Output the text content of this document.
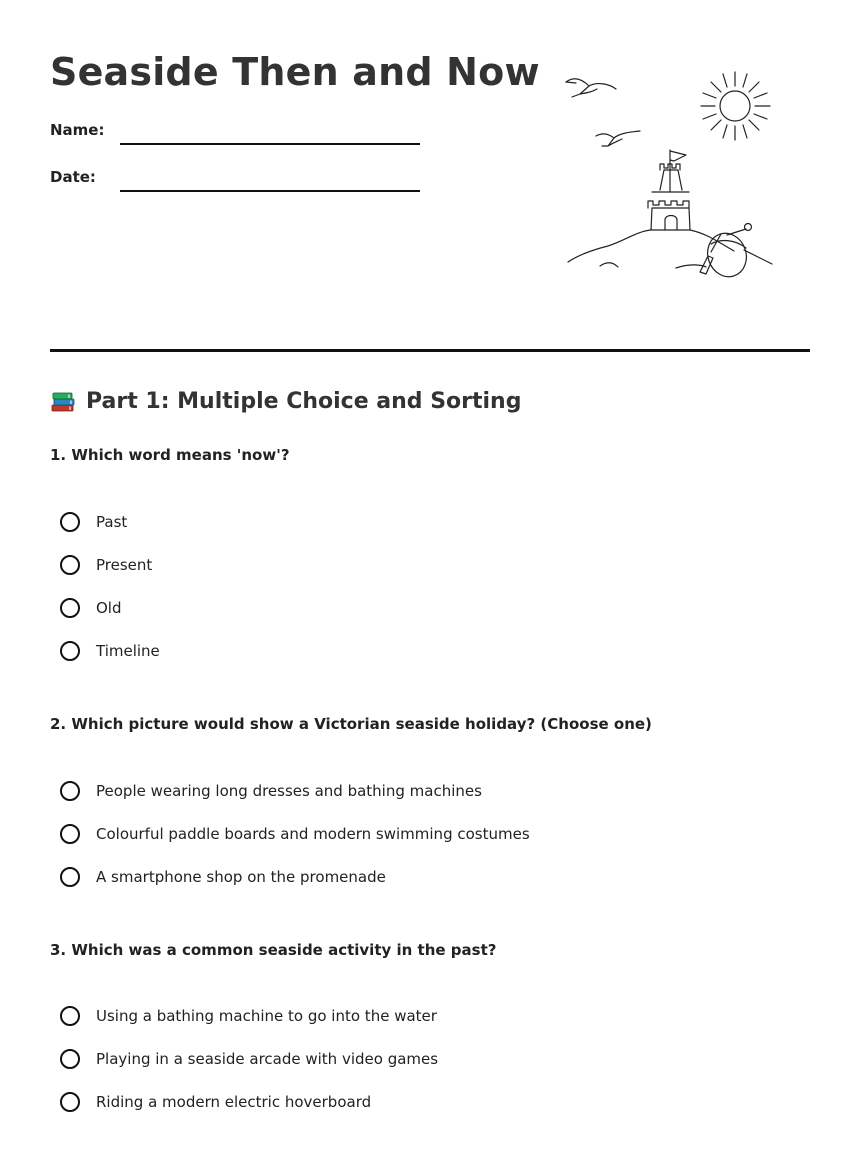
Seaside Then and Now
Name:
Date:
Part 1: Multiple Choice and Sorting

1. Which word means 'now'?

Past
Present
Old
Timeline

2. Which picture would show a Victorian seaside holiday? (Choose one)

People wearing long dresses and bathing machines
Colourful paddle boards and modern swimming costumes
A smartphone shop on the promenade

3. Which was a common seaside activity in the past?

Using a bathing machine to go into the water
Playing in a seaside arcade with video games
Riding a modern electric hoverboard
